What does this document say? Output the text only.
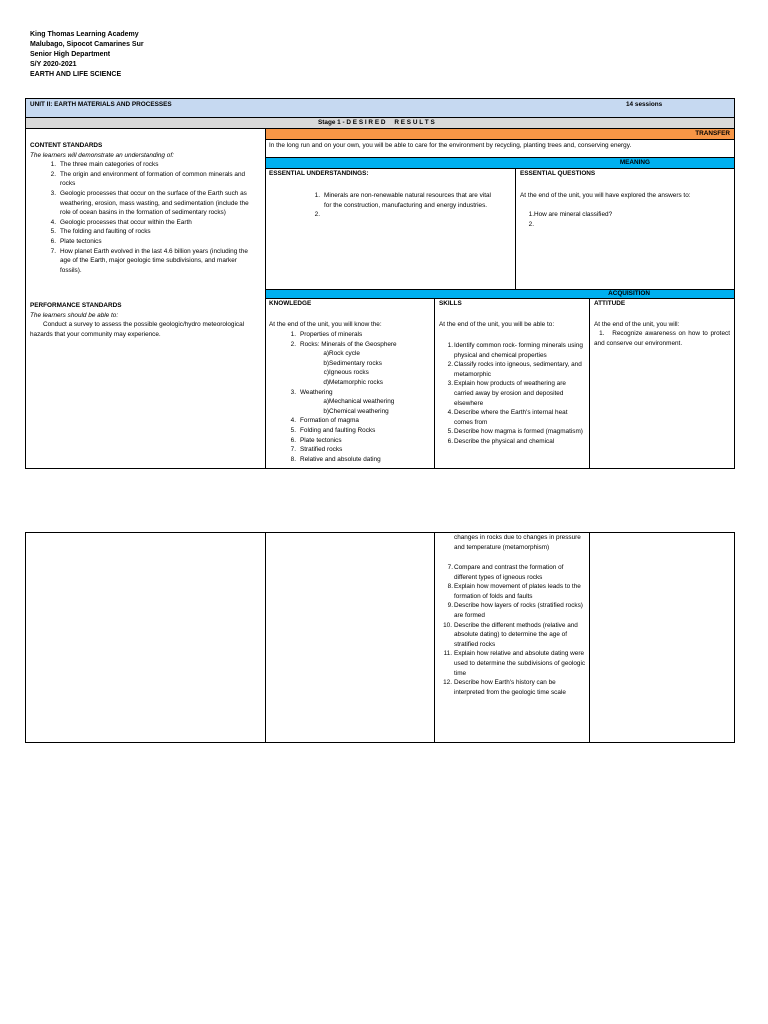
King Thomas Learning Academy
Malubago, Sipocot Camarines Sur
Senior High Department
S/Y 2020-2021
EARTH AND LIFE SCIENCE
UNIT II: EARTH MATERIALS AND PROCESSES	14 sessions
Stage 1 - D E S I R E D     R E S U L T S
CONTENT STANDARDS
The learners will demonstrate an understanding of:
1. The three main categories of rocks
2. The origin and environment of formation of common minerals and rocks
3. Geologic processes that occur on the surface of the Earth such as weathering, erosion, mass wasting, and sedimentation (include the role of ocean basins in the formation of sedimentary rocks)
4. Geologic processes that occur within the Earth
5. The folding and faulting of rocks
6. Plate tectonics
7. How planet Earth evolved in the last 4.6 billion years (including the age of the Earth, major geologic time subdivisions, and marker fossils).
PERFORMANCE STANDARDS
The learners should be able to:
Conduct a survey to assess the possible geologic/hydro meteorological hazards that your community may experience.
TRANSFER
In the long run and on your own, you will be able to care for the environment by recycling, planting trees and, conserving energy.
MEANING
ESSENTIAL UNDERSTANDINGS:
1. Minerals are non-renewable natural resources that are vital for the construction, manufacturing and energy industries.
2.

ESSENTIAL QUESTIONS
At the end of the unit, you will have explored the answers to:
1. How are mineral classified?
2.

ACQUISITION
KNOWLEDGE
At the end of the unit, you will know the:
1. Properties of minerals
2. Rocks: Minerals of the Geosphere
a) Rock cycle
b) Sedimentary rocks
c) Igneous rocks
d) Metamorphic rocks
3. Weathering
a) Mechanical weathering
b) Chemical weathering
4. Formation of magma
5. Folding and faulting Rocks
6. Plate tectonics
7. Stratified rocks
8. Relative and absolute dating
SKILLS
At the end of the unit, you will be able to:
1. Identify common rock- forming minerals using physical and chemical properties
2. Classify rocks into igneous, sedimentary, and metamorphic
3. Explain how products of weathering are carried away by erosion and deposited elsewhere
4. Describe where the Earth's internal heat comes from
5. Describe how magma is formed (magmatism)
6. Describe the physical and chemical
ATTITUDE
At the end of the unit, you will:
1. Recognize awareness on how to protect and conserve our environment.
changes in rocks due to changes in pressure and temperature (metamorphism)
7. Compare and contrast the formation of different types of igneous rocks
8. Explain how movement of plates leads to the formation of folds and faults
9. Describe how layers of rocks (stratified rocks) are formed
10. Describe the different methods (relative and absolute dating) to determine the age of stratified rocks
11. Explain how relative and absolute dating were used to determine the subdivisions of geologic time
12. Describe how Earth's history can be interpreted from the geologic time scale
